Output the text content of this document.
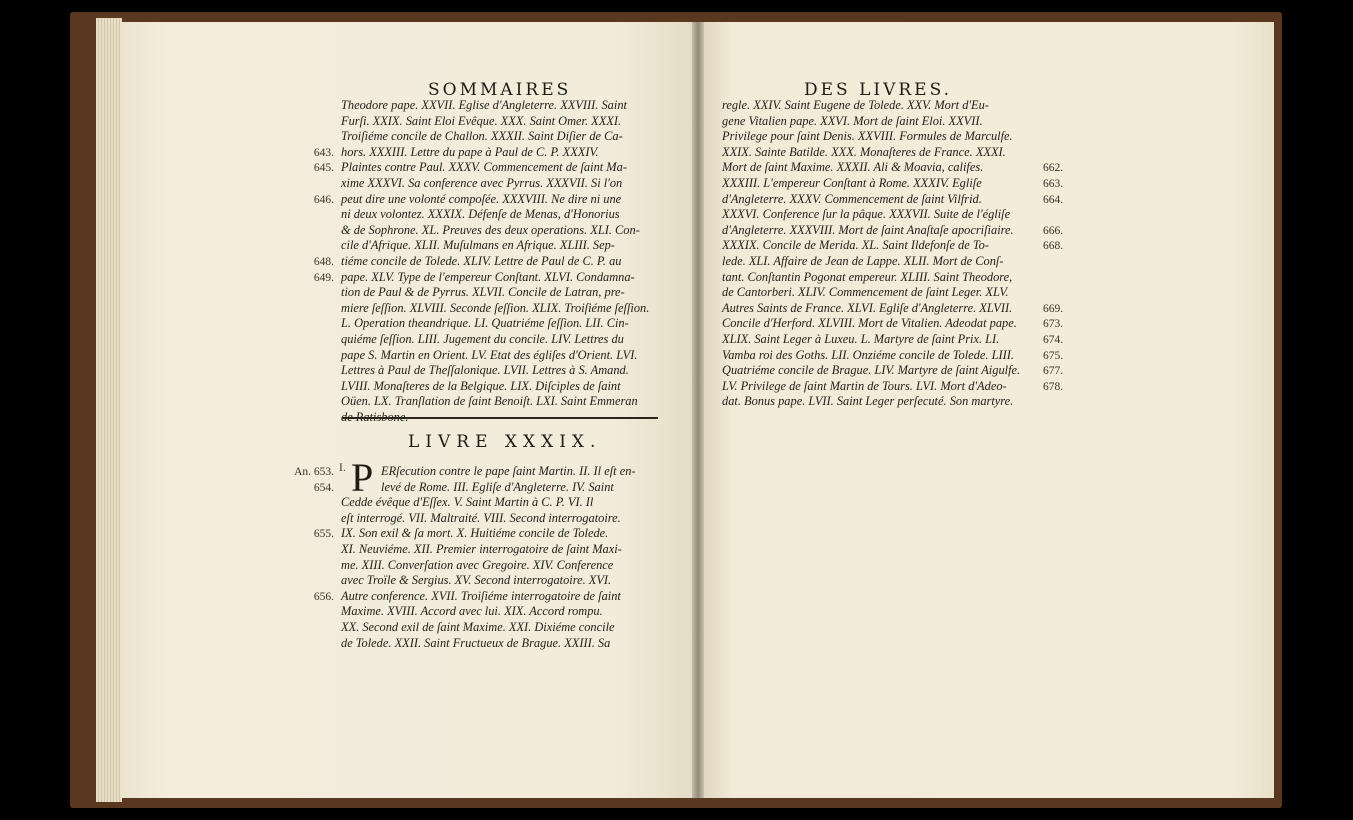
SOMMAIRES
Theodore pape. XXVII. Eglise d'Angleterre. XXVIII. Saint
Furſi. XXIX. Saint Eloi Evêque. XXX. Saint Omer. XXXI.
Troiſiéme concile de Challon. XXXII. Saint Diſier de Ca-
hors. XXXIII. Lettre du pape à Paul de C. P. XXXIV.
Plaintes contre Paul. XXXV. Commencement de ſaint Ma-
xime XXXVI. Sa conference avec Pyrrus. XXXVII. Si l'on
peut dire une volonté compoſée. XXXVIII. Ne dire ni une
ni deux volontez. XXXIX. Défenſe de Menas, d'Honorius
& de Sophrone. XL. Preuves des deux operations. XLI. Con-
cile d'Afrique. XLII. Muſulmans en Afrique. XLIII. Sep-
tiéme concile de Tolede. XLIV. Lettre de Paul de C. P. au
pape. XLV. Type de l'empereur Conſtant. XLVI. Condamna-
tion de Paul & de Pyrrus. XLVII. Concile de Latran, pre-
miere ſeſſion. XLVIII. Seconde ſeſſion. XLIX. Troiſiéme ſeſſion.
L. Operation theandrique. LI. Quatriéme ſeſſion. LII. Cin-
quiéme ſeſſion. LIII. Jugement du concile. LIV. Lettres du
pape S. Martin en Orient. LV. Etat des égliſes d'Orient. LVI.
Lettres à Paul de Theſſalonique. LVII. Lettres à S. Amand.
LVIII. Monaſteres de la Belgique. LIX. Diſciples de ſaint
Oüen. LX. Tranſlation de ſaint Benoiſt. LXI. Saint Emmeran
643.
645.
646.
648.
649.
LIVRE XXXIX.
I. P ERſecution contre le pape ſaint Martin. II. Il eſt en-
levé de Rome. III. Egliſe d'Angleterre. IV. Saint
Cedde évêque d'Eſſex. V. Saint Martin à C. P. VI. Il
eſt interrogé. VII. Maltraité. VIII. Second interrogatoire.
IX. Son exil & ſa mort. X. Huitiéme concile de Tolede.
XI. Neuviéme. XII. Premier interrogatoire de ſaint Maxi-
me. XIII. Converſation avec Gregoire. XIV. Conference
avec Troïle & Sergius. XV. Second interrogatoire. XVI.
Autre conference. XVII. Troiſiéme interrogatoire de ſaint
Maxime. XVIII. Accord avec lui. XIX. Accord rompu.
XX. Second exil de ſaint Maxime. XXI. Dixiéme concile
de Tolede. XXII. Saint Fructueux de Brague. XXIII. Sa
An. 653.
654.
655.
656.
DES LIVRES.
regle. XXIV. Saint Eugene de Tolede. XXV. Mort d'Eu-
gene Vitalien pape. XXVI. Mort de ſaint Eloi. XXVII.
Privilege pour ſaint Denis. XXVIII. Formules de Marculfe.
XXIX. Sainte Batilde. XXX. Monaſteres de France. XXXI.
Mort de ſaint Maxime. XXXII. Ali & Moavia, califes.
XXXIII. L'empereur Conſtant à Rome. XXXIV. Egliſe
d'Angleterre. XXXV. Commencement de ſaint Vilfrid.
XXXVI. Conference ſur la pâque. XXXVII. Suite de l'égliſe
d'Angleterre. XXXVIII. Mort de ſaint Anaſtaſe apocriſiaire.
XXXIX. Concile de Merida. XL. Saint Ildefonſe de To-
lede. XLI. Affaire de Jean de Lappe. XLII. Mort de Conſ-
tant. Conſtantin Pogonat empereur. XLIII. Saint Theodore,
de Cantorberi. XLIV. Commencement de ſaint Leger. XLV.
Autres Saints de France. XLVI. Egliſe d'Angleterre. XLVII.
Concile d'Herford. XLVIII. Mort de Vitalien. Adeodat pape.
XLIX. Saint Leger à Luxeu. L. Martyre de ſaint Prix. LI.
Vamba roi des Goths. LII. Onziéme concile de Tolede. LIII.
Quatriéme concile de Brague. LIV. Martyre de ſaint Aigulfe.
LV. Privilege de ſaint Martin de Tours. LVI. Mort d'Adeo-
dat. Bonus pape. LVII. Saint Leger perſecuté. Son martyre.
662.
663.
664.
666.
668.
669.
673.
674.
675.
677.
678.
